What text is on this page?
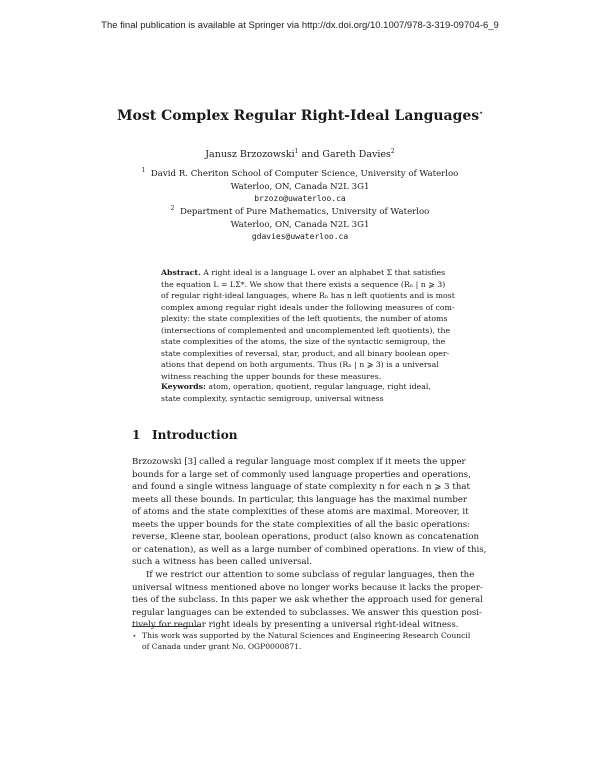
The final publication is available at Springer via http://dx.doi.org/10.1007/978-3-319-09704-6_9
Most Complex Regular Right-Ideal Languages⋆
Janusz Brzozowski$^1$ and Gareth Davies$^2$
$^1$ David R. Cheriton School of Computer Science, University of Waterloo
Waterloo, ON, Canada N2L 3G1
brzozo@uwaterloo.ca
$^2$ Department of Pure Mathematics, University of Waterloo
Waterloo, ON, Canada N2L 3G1
gdavies@uwaterloo.ca
Abstract. A right ideal is a language L over an alphabet Σ that satisfies
the equation L = LΣ*. We show that there exists a sequence (Rₙ | n ⩾ 3)
of regular right-ideal languages, where Rₙ has n left quotients and is most
complex among regular right ideals under the following measures of com-
plexity: the state complexities of the left quotients, the number of atoms
(intersections of complemented and uncomplemented left quotients), the
state complexities of the atoms, the size of the syntactic semigroup, the
state complexities of reversal, star, product, and all binary boolean oper-
ations that depend on both arguments. Thus (Rₙ | n ⩾ 3) is a universal
witness reaching the upper bounds for these measures.
Keywords: atom, operation, quotient, regular language, right ideal,
state complexity, syntactic semigroup, universal witness
1 Introduction
Brzozowski [3] called a regular language most complex if it meets the upper
bounds for a large set of commonly used language properties and operations,
and found a single witness language of state complexity n for each n ⩾ 3 that
meets all these bounds. In particular, this language has the maximal number
of atoms and the state complexities of these atoms are maximal. Moreover, it
meets the upper bounds for the state complexities of all the basic operations:
reverse, Kleene star, boolean operations, product (also known as concatenation
or catenation), as well as a large number of combined operations. In view of this,
such a witness has been called universal.
If we restrict our attention to some subclass of regular languages, then the
universal witness mentioned above no longer works because it lacks the proper-
ties of the subclass. In this paper we ask whether the approach used for general
regular languages can be extended to subclasses. We answer this question posi-
tively for regular right ideals by presenting a universal right-ideal witness.
⋆ This work was supported by the Natural Sciences and Engineering Research Council
of Canada under grant No. OGP0000871.
